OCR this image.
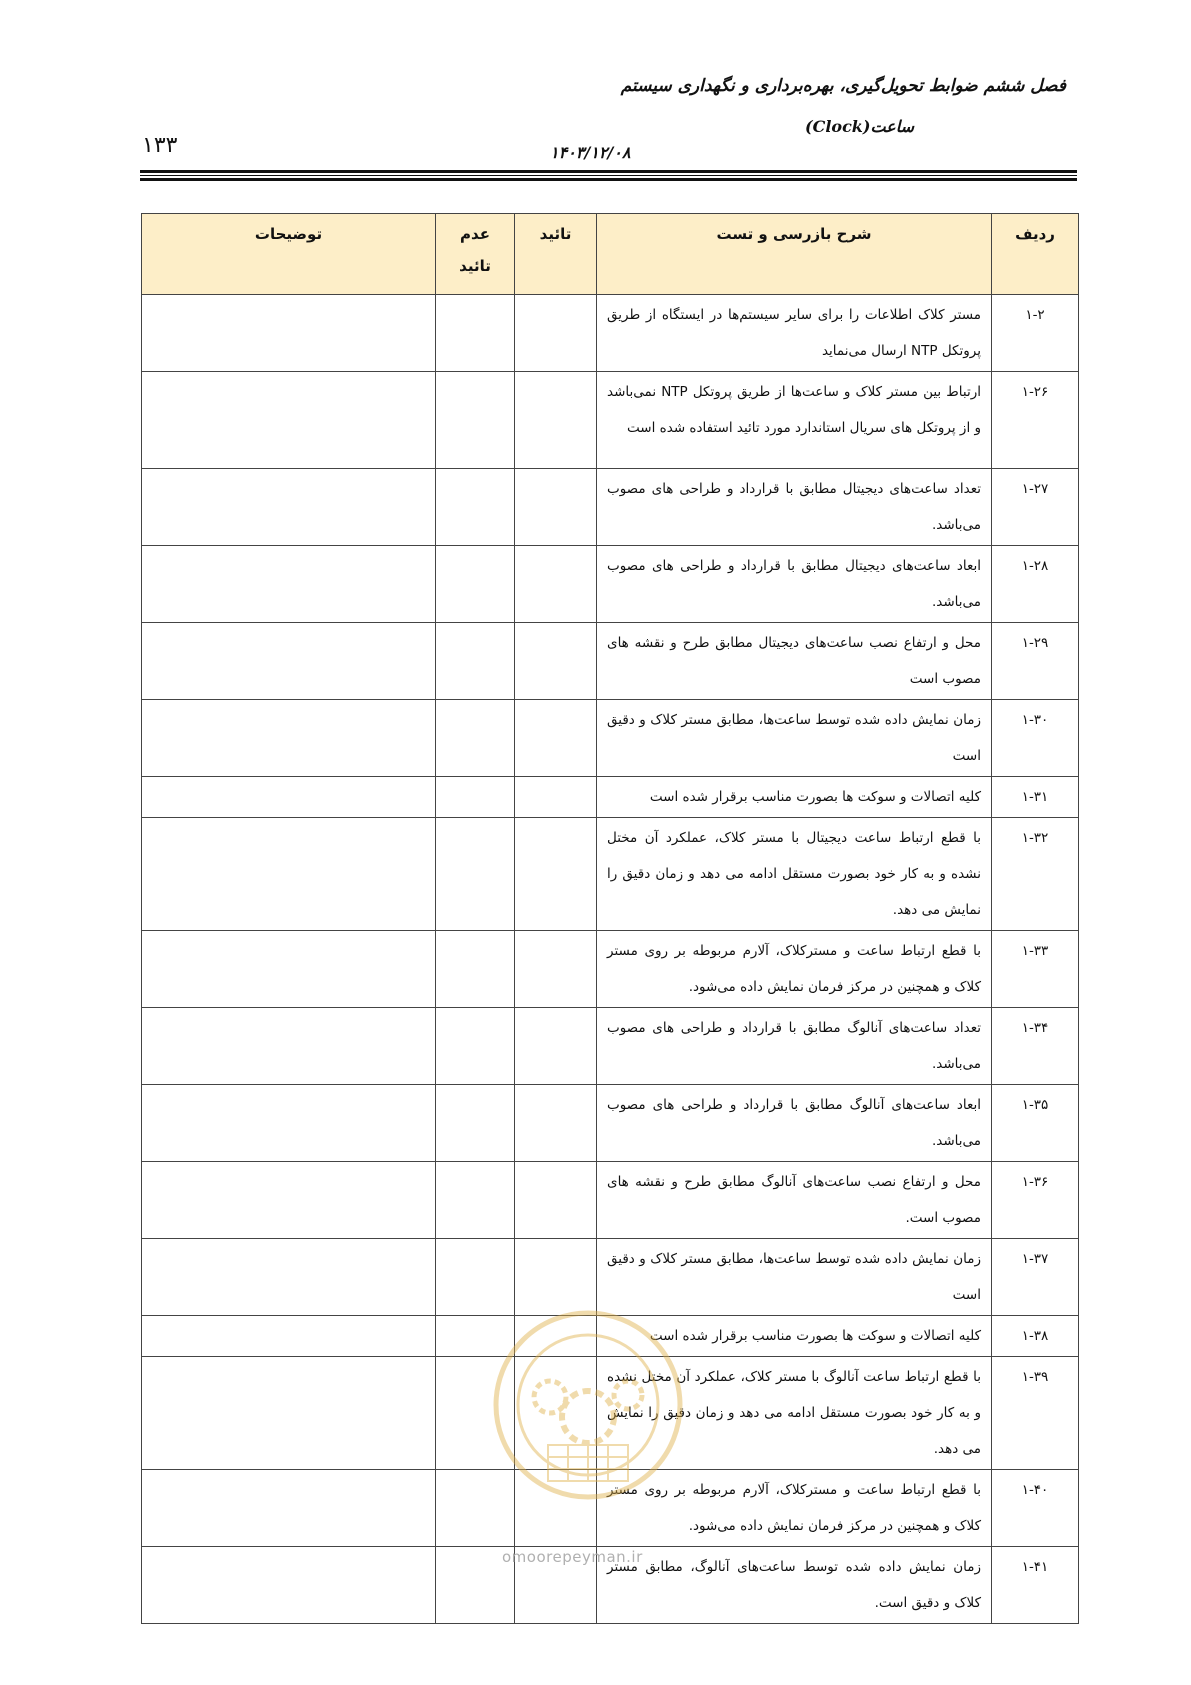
فصل ششم ضوابط تحویل‌گیری، بهره‌برداری و نگهداری سیستم
ساعت(Clock)
۱۴۰۳/۱۲/۰۸
۱۳۳
ردیف	شرح بازرسی و تست	تائید	عدم تائید	توضیحات
۱-۲	مستر کلاک اطلاعات را برای سایر سیستم‌ها در ایستگاه از طریق پروتکل NTP ارسال می‌نماید			
۱-۲۶	ارتباط بین مستر کلاک و ساعت‌ها از طریق پروتکل NTP نمی‌باشد و از پروتکل های سریال استاندارد مورد تائید استفاده شده است			
۱-۲۷	تعداد ساعت‌های دیجیتال مطابق با قرارداد و طراحی های مصوب می‌باشد.			
۱-۲۸	ابعاد ساعت‌های دیجیتال مطابق با قرارداد و طراحی های مصوب می‌باشد.			
۱-۲۹	محل و ارتفاع نصب ساعت‌های دیجیتال مطابق طرح و نقشه های مصوب است			
۱-۳۰	زمان نمایش داده شده توسط ساعت‌ها، مطابق مستر کلاک و دقیق است			
۱-۳۱	کلیه اتصالات و سوکت ها بصورت مناسب برقرار شده است			
۱-۳۲	با قطع ارتباط ساعت دیجیتال با مستر کلاک، عملکرد آن مختل نشده و به کار خود بصورت مستقل ادامه می دهد و زمان دقیق را نمایش می دهد.			
۱-۳۳	با قطع ارتباط ساعت و مسترکلاک، آلارم مربوطه بر روی مستر کلاک و همچنین در مرکز فرمان نمایش داده می‌شود.			
۱-۳۴	تعداد ساعت‌های آنالوگ مطابق با قرارداد و طراحی های مصوب می‌باشد.			
۱-۳۵	ابعاد ساعت‌های آنالوگ مطابق با قرارداد و طراحی های مصوب می‌باشد.			
۱-۳۶	محل و ارتفاع نصب ساعت‌های آنالوگ مطابق طرح و نقشه های مصوب است.			
۱-۳۷	زمان نمایش داده شده توسط ساعت‌ها، مطابق مستر کلاک و دقیق است			
۱-۳۸	کلیه اتصالات و سوکت ها بصورت مناسب برقرار شده است			
۱-۳۹	با قطع ارتباط ساعت آنالوگ با مستر کلاک، عملکرد آن مختل نشده و به کار خود بصورت مستقل ادامه می دهد و زمان دقیق را نمایش می دهد.			
۱-۴۰	با قطع ارتباط ساعت و مسترکلاک، آلارم مربوطه بر روی مستر کلاک و همچنین در مرکز فرمان نمایش داده می‌شود.			
۱-۴۱	زمان نمایش داده شده توسط ساعت‌های آنالوگ، مطابق مستر کلاک و دقیق است.			
omoorepeyman.ir
